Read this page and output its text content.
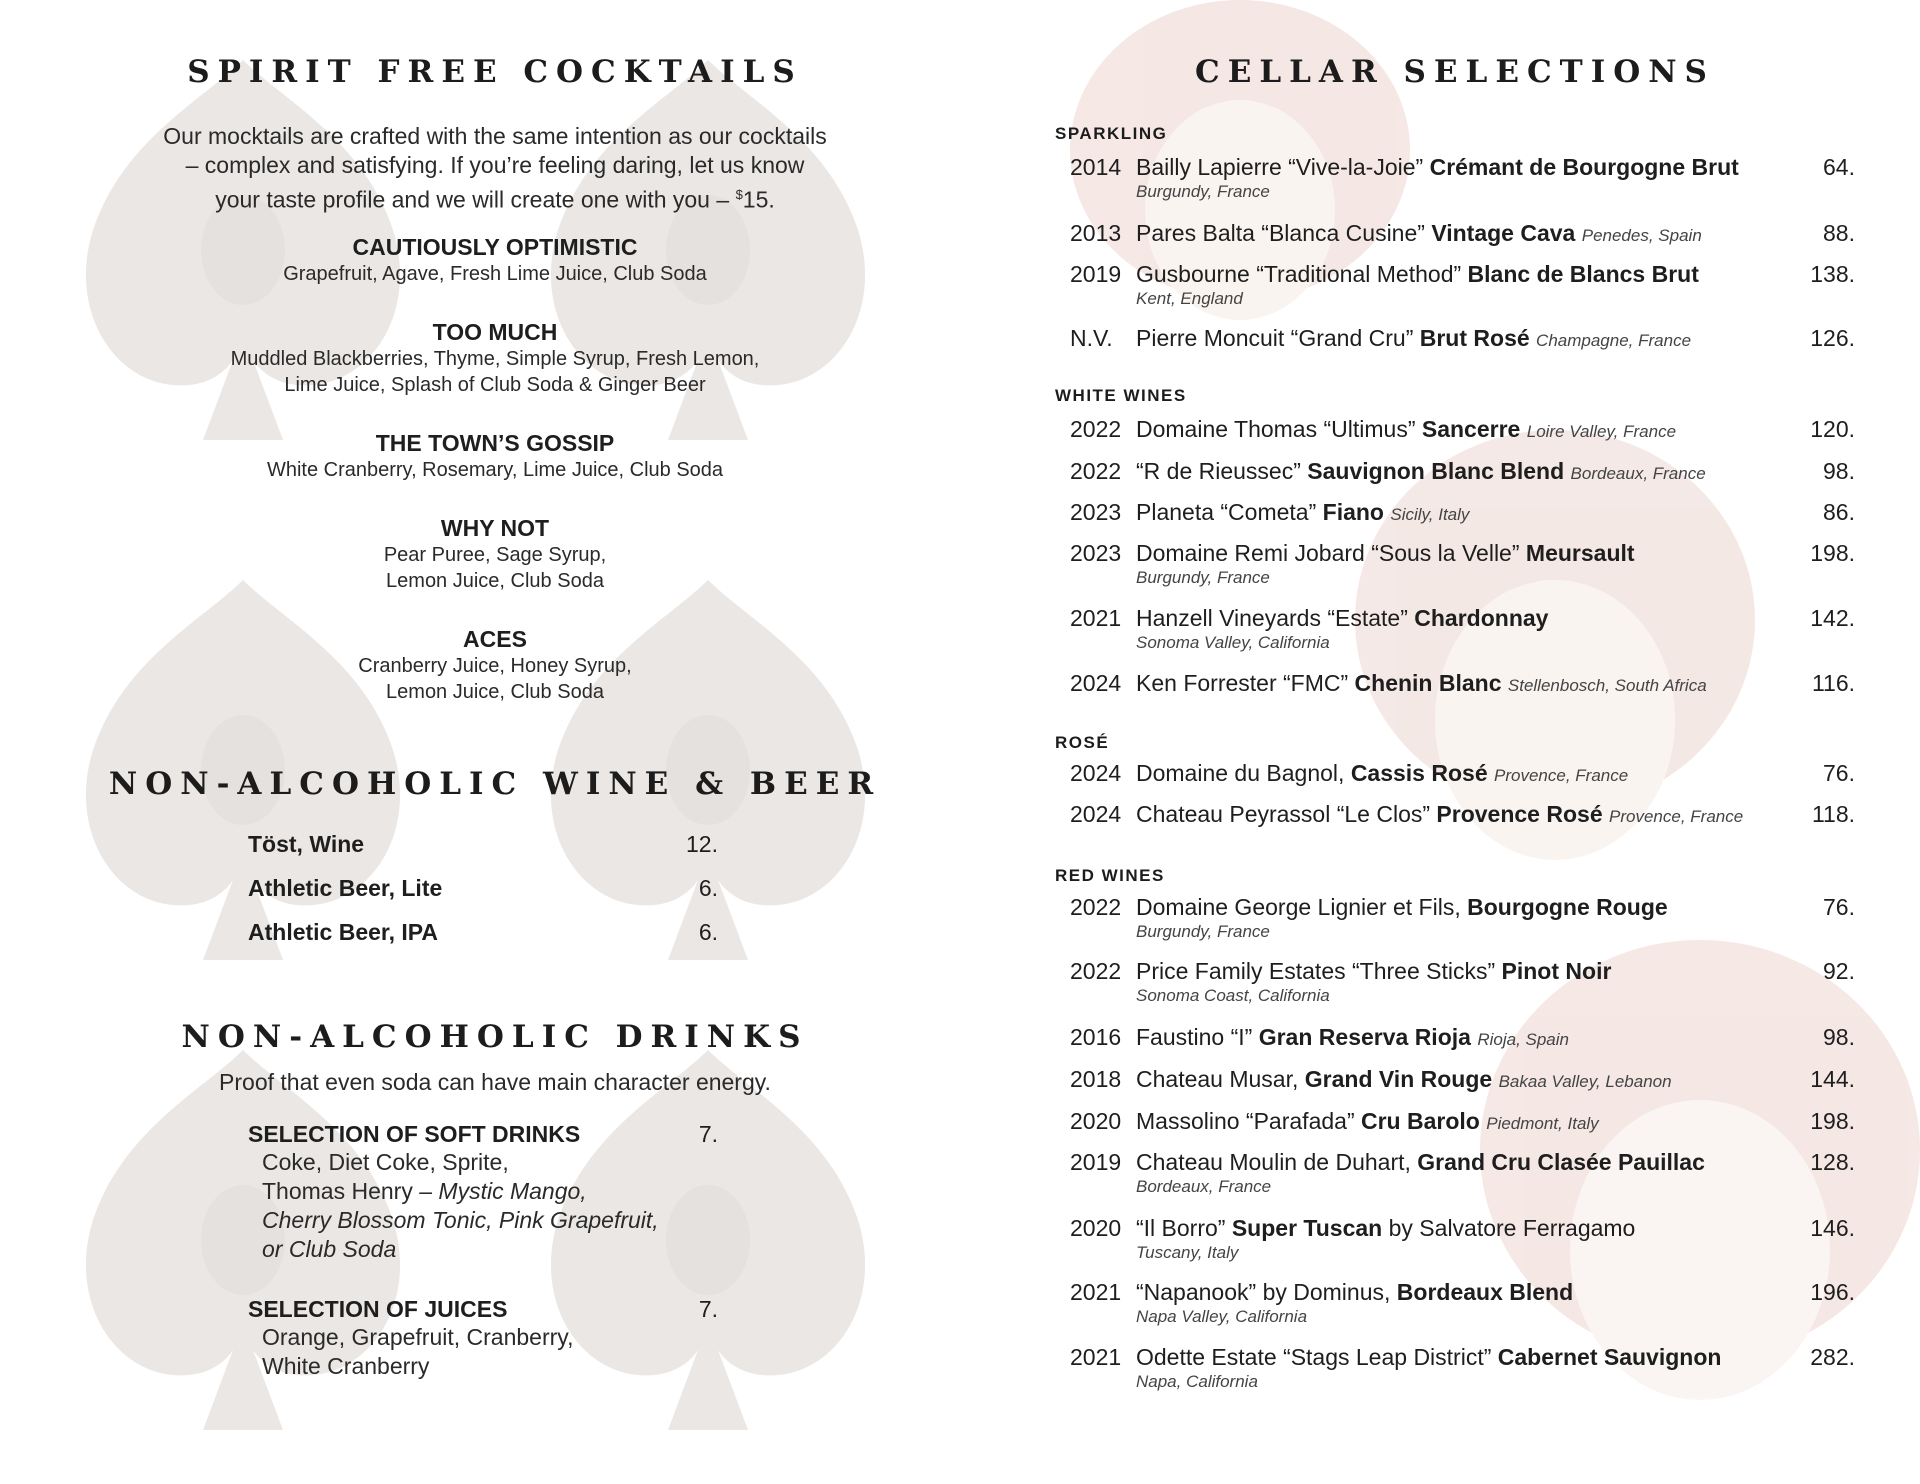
SPIRIT FREE COCKTAILS
Our mocktails are crafted with the same intention as our cocktails
– complex and satisfying. If you’re feeling daring, let us know
your taste profile and we will create one with you – $15.
CAUTIOUSLY OPTIMISTIC
Grapefruit, Agave, Fresh Lime Juice, Club Soda
TOO MUCH
Muddled Blackberries, Thyme, Simple Syrup, Fresh Lemon,
Lime Juice, Splash of Club Soda & Ginger Beer
THE TOWN’S GOSSIP
White Cranberry, Rosemary, Lime Juice, Club Soda
WHY NOT
Pear Puree, Sage Syrup,
Lemon Juice, Club Soda
ACES
Cranberry Juice, Honey Syrup,
Lemon Juice, Club Soda
NON-ALCOHOLIC WINE & BEER
Töst, Wine	12.
Athletic Beer, Lite	6.
Athletic Beer, IPA	6.
NON-ALCOHOLIC DRINKS
Proof that even soda can have main character energy.
SELECTION OF SOFT DRINKS	7.
Coke, Diet Coke, Sprite,
Thomas Henry – Mystic Mango,
Cherry Blossom Tonic, Pink Grapefruit,
or Club Soda
SELECTION OF JUICES	7.
Orange, Grapefruit, Cranberry,
White Cranberry
CELLAR SELECTIONS
SPARKLING
WHITE WINES
ROSÉ
RED WINES
2014 Bailly Lapierre “Vive-la-Joie” Crémant de Bourgogne Brut	64.
Burgundy, France
2013 Pares Balta “Blanca Cusine” Vintage Cava Penedes, Spain	88.
2019 Gusbourne “Traditional Method” Blanc de Blancs Brut	138.
Kent, England
N.V. Pierre Moncuit “Grand Cru” Brut Rosé Champagne, France	126.
2022 Domaine Thomas “Ultimus” Sancerre Loire Valley, France	120.
2022 “R de Rieussec” Sauvignon Blanc Blend Bordeaux, France	98.
2023 Planeta “Cometa” Fiano Sicily, Italy	86.
2023 Domaine Remi Jobard “Sous la Velle” Meursault	198.
Burgundy, France
2021 Hanzell Vineyards “Estate” Chardonnay	142.
Sonoma Valley, California
2024 Ken Forrester “FMC” Chenin Blanc Stellenbosch, South Africa	116.
2024 Domaine du Bagnol, Cassis Rosé Provence, France	76.
2024 Chateau Peyrassol “Le Clos” Provence Rosé Provence, France	118.
2022 Domaine George Lignier et Fils, Bourgogne Rouge	76.
Burgundy, France
2022 Price Family Estates “Three Sticks” Pinot Noir	92.
Sonoma Coast, California
2016 Faustino “I” Gran Reserva Rioja Rioja, Spain	98.
2018 Chateau Musar, Grand Vin Rouge Bakaa Valley, Lebanon	144.
2020 Massolino “Parafada” Cru Barolo Piedmont, Italy	198.
2019 Chateau Moulin de Duhart, Grand Cru Clasée Pauillac	128.
Bordeaux, France
2020 “Il Borro” Super Tuscan by Salvatore Ferragamo	146.
Tuscany, Italy
2021 “Napanook” by Dominus, Bordeaux Blend	196.
Napa Valley, California
2021 Odette Estate “Stags Leap District” Cabernet Sauvignon	282.
Napa, California
